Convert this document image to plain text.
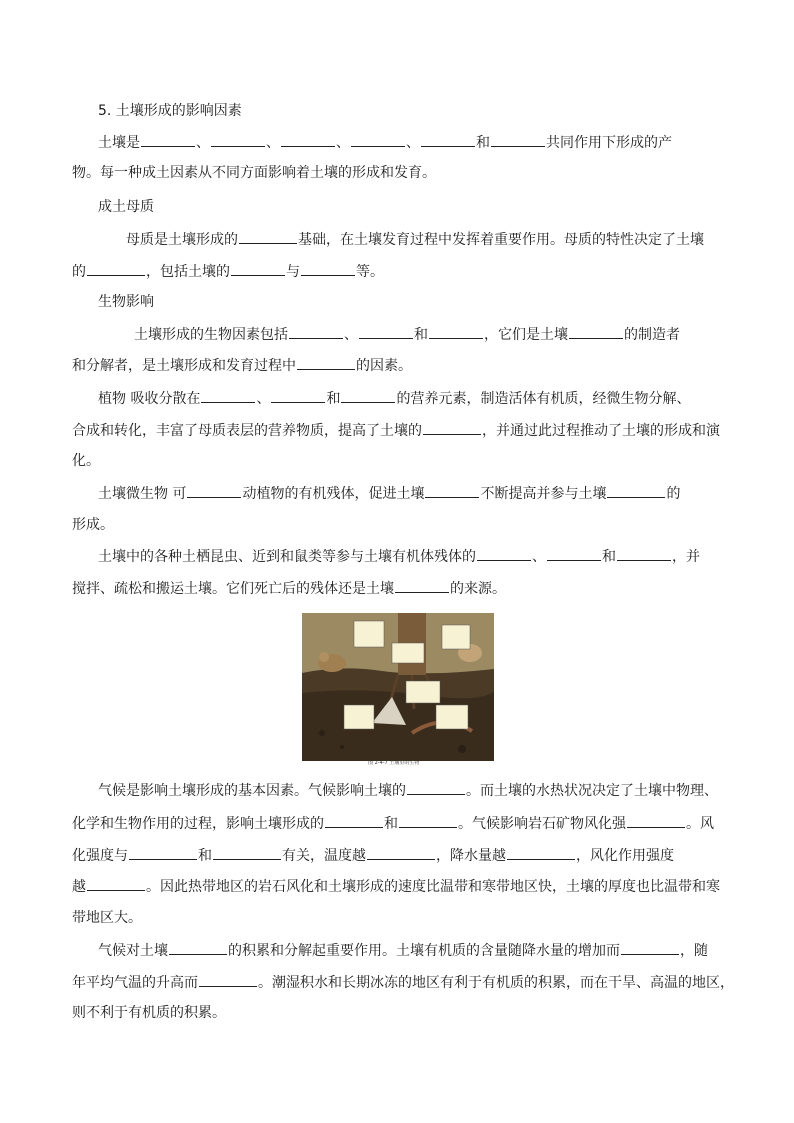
5. 土壤形成的影响因素
土壤是	、	、	、	、	和	共同作用下形成的产
物。每一种成土因素从不同方面影响着土壤的形成和发育。
成土母质
母质是土壤形成的	基础，在土壤发育过程中发挥着重要作用。母质的特性决定了土壤
的	，包括土壤的	与	等。
生物影响
土壤形成的生物因素包括	、	和	，它们是土壤	的制造者
和分解者，是土壤形成和发育过程中	的因素。
植物 吸收分散在	、	和	的营养元素，制造活体有机质，经微生物分解、
合成和转化，丰富了母质表层的营养物质，提高了土壤的	，并通过此过程推动了土壤的形成和演
化。
土壤微生物 可	动植物的有机残体，促进土壤	不断提高并参与土壤	的
形成。
土壤中的各种土栖昆虫、近到和鼠类等参与土壤有机体残体的	、	和	，并
搅拌、疏松和搬运土壤。它们死亡后的残体还是土壤	的来源。
图 2-4-7 土壤里的生物
气候是影响土壤形成的基本因素。气候影响土壤的	。而土壤的水热状况决定了土壤中物理、
化学和生物作用的过程，影响土壤形成的	和	。气候影响岩石矿物风化强	。风
化强度与	和	有关，温度越	，降水量越	，风化作用强度
越	。因此热带地区的岩石风化和土壤形成的速度比温带和寒带地区快，土壤的厚度也比温带和寒
带地区大。
气候对土壤	的积累和分解起重要作用。土壤有机质的含量随降水量的增加而	，随
年平均气温的升高而	。潮湿积水和长期冰冻的地区有利于有机质的积累，而在干旱、高温的地区，
则不利于有机质的积累。
